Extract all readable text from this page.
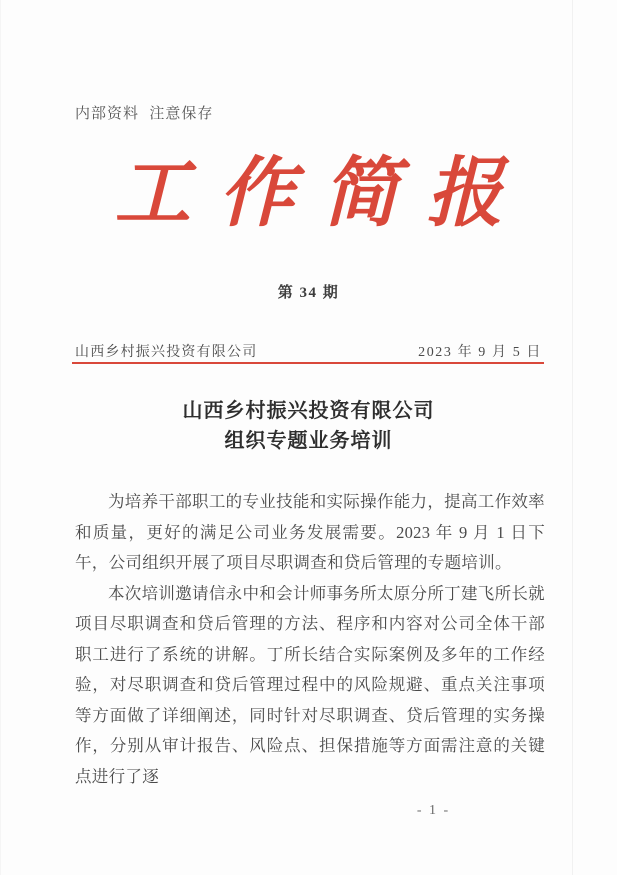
内部资料  注意保存
工作简报
第 34 期
山西乡村振兴投资有限公司	2023 年 9 月 5 日
山西乡村振兴投资有限公司
组织专题业务培训

为培养干部职工的专业技能和实际操作能力，提高工作效率和质量，更好的满足公司业务发展需要。2023 年 9 月 1 日下午，公司组织开展了项目尽职调查和贷后管理的专题培训。

本次培训邀请信永中和会计师事务所太原分所丁建飞所长就项目尽职调查和贷后管理的方法、程序和内容对公司全体干部职工进行了系统的讲解。丁所长结合实际案例及多年的工作经验，对尽职调查和贷后管理过程中的风险规避、重点关注事项等方面做了详细阐述，同时针对尽职调查、贷后管理的实务操作，分别从审计报告、风险点、担保措施等方面需注意的关键点进行了逐

- 1 -
